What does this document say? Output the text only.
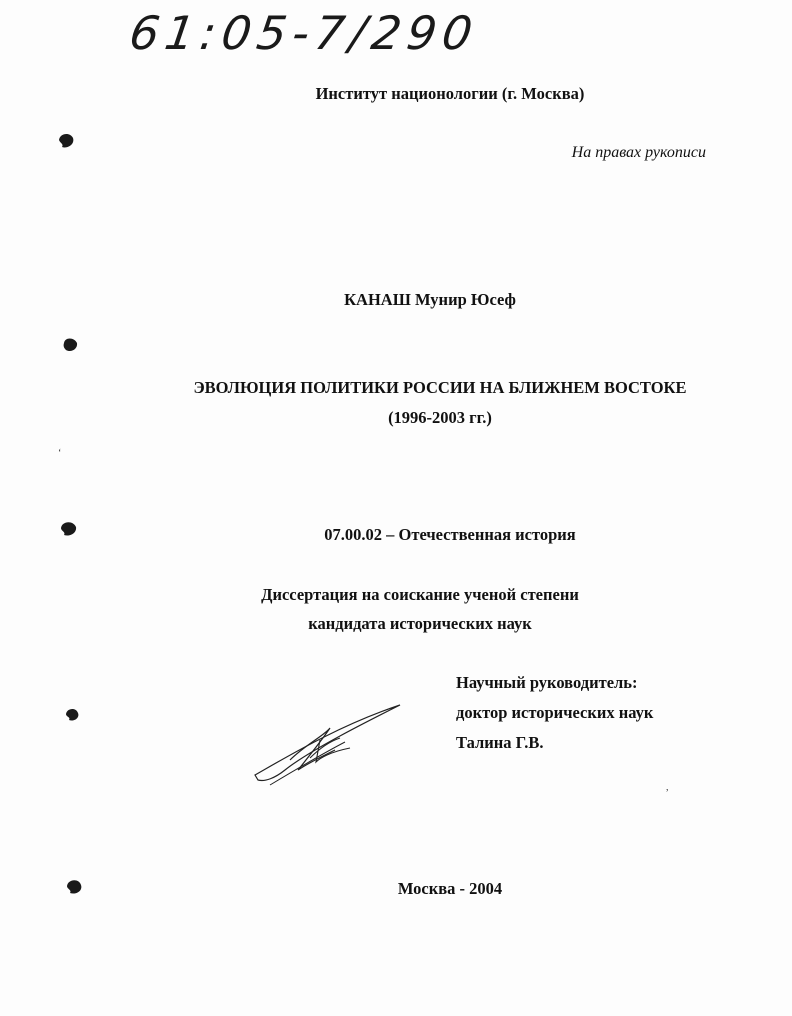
61:05-7/290
Институт национологии (г. Москва)
На правах рукописи
КАНАШ Мунир Юсеф
ЭВОЛЮЦИЯ ПОЛИТИКИ РОССИИ НА БЛИЖНЕМ ВОСТОКЕ
(1996-2003 гг.)
07.00.02 – Отечественная история
Диссертация на соискание ученой степени
кандидата исторических наук
Научный руководитель:
доктор исторических наук
Талина Г.В.
Москва - 2004
‘
,
